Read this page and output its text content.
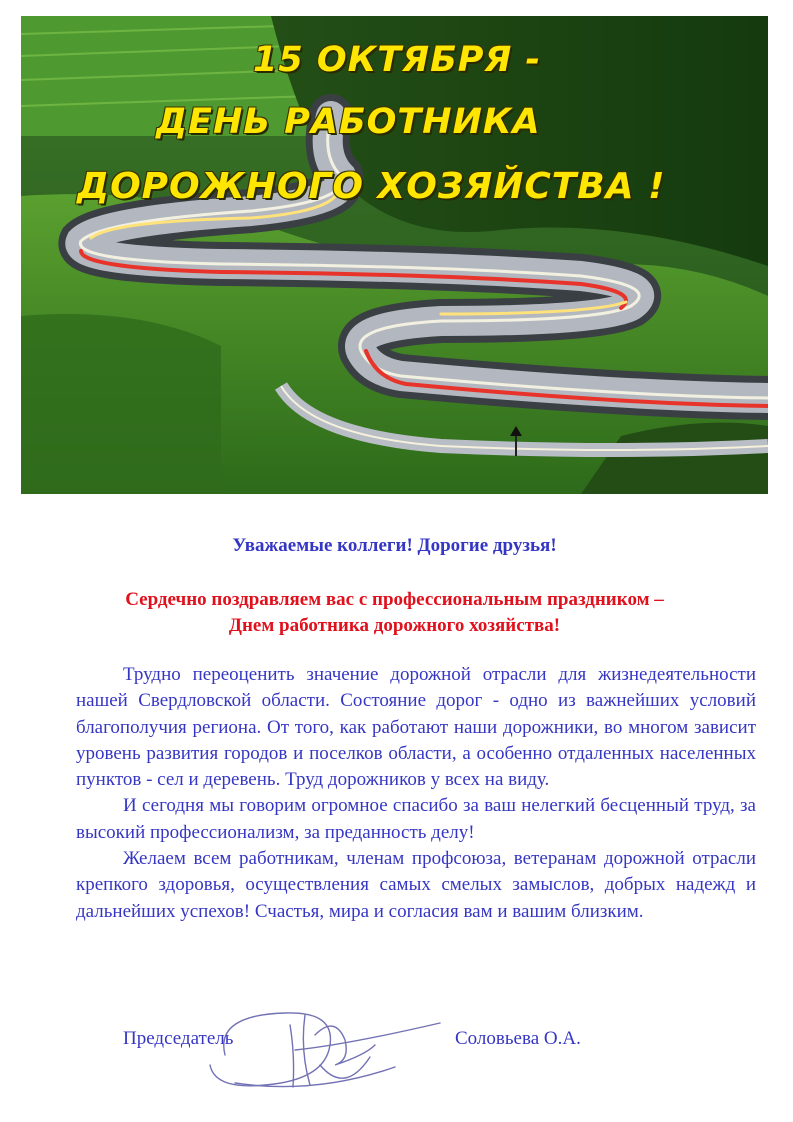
15 ОКТЯБРЯ -
ДЕНЬ РАБОТНИКА
ДОРОЖНОГО ХОЗЯЙСТВА !

Уважаемые коллеги! Дорогие друзья!

Сердечно поздравляем вас с профессиональным праздником –
Днем работника дорожного хозяйства!

Трудно переоценить значение дорожной отрасли для жизнедеятельности нашей Свердловской области. Состояние дорог - одно из важнейших условий благополучия региона. От того, как работают наши дорожники, во многом зависит уровень развития городов и поселков области, а особенно отдаленных населенных пунктов - сел и деревень. Труд дорожников у всех на виду.

И сегодня мы говорим огромное спасибо за ваш нелегкий бесценный труд, за высокий профессионализм, за преданность делу!

Желаем всем работникам, членам профсоюза, ветеранам дорожной отрасли крепкого здоровья, осуществления самых смелых замыслов, добрых надежд и дальнейших успехов! Счастья, мира и согласия вам и вашим близким.

Председатель	Соловьева О.А.
